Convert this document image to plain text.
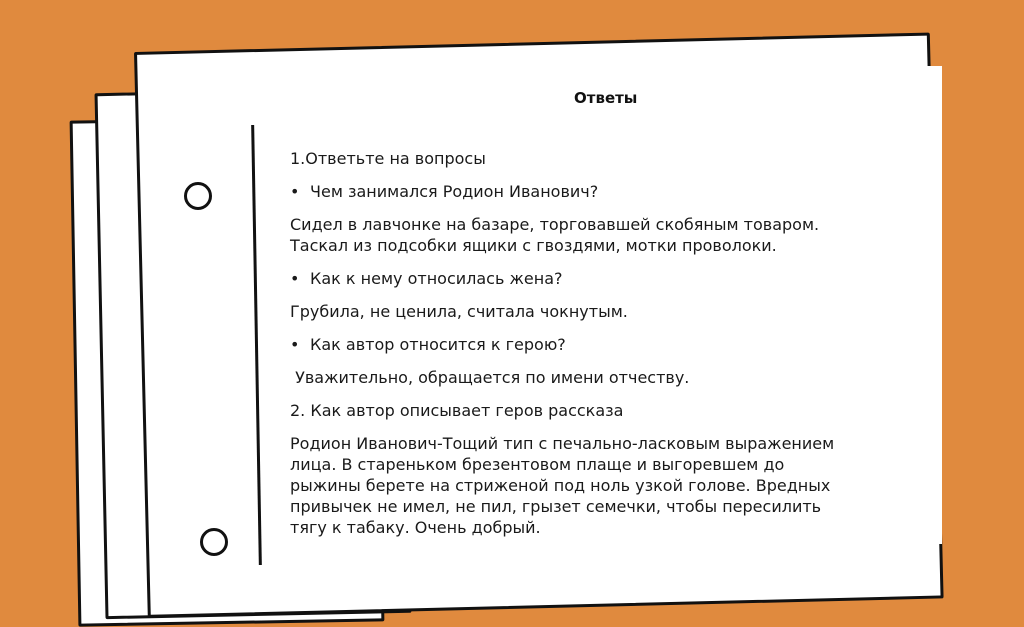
Ответы

1.Ответьте на вопросы

• Чем занимался Родион Иванович?

Сидел в лавчонке на базаре, торговавшей скобяным товаром.

Таскал из подсобки ящики с гвоздями, мотки проволоки.

• Как к нему относилась жена?

Грубила, не ценила, считала чокнутым.

• Как автор относится к герою?

Уважительно, обращается по имени отчеству.

2. Как автор описывает геров рассказа

Родион Иванович-Тощий тип с печально-ласковым выражением

лица. В стареньком брезентовом плаще и выгоревшем до

рыжины берете на стриженой под ноль узкой голове. Вредных

привычек не имел, не пил, грызет семечки, чтобы пересилить

тягу к табаку. Очень добрый.
